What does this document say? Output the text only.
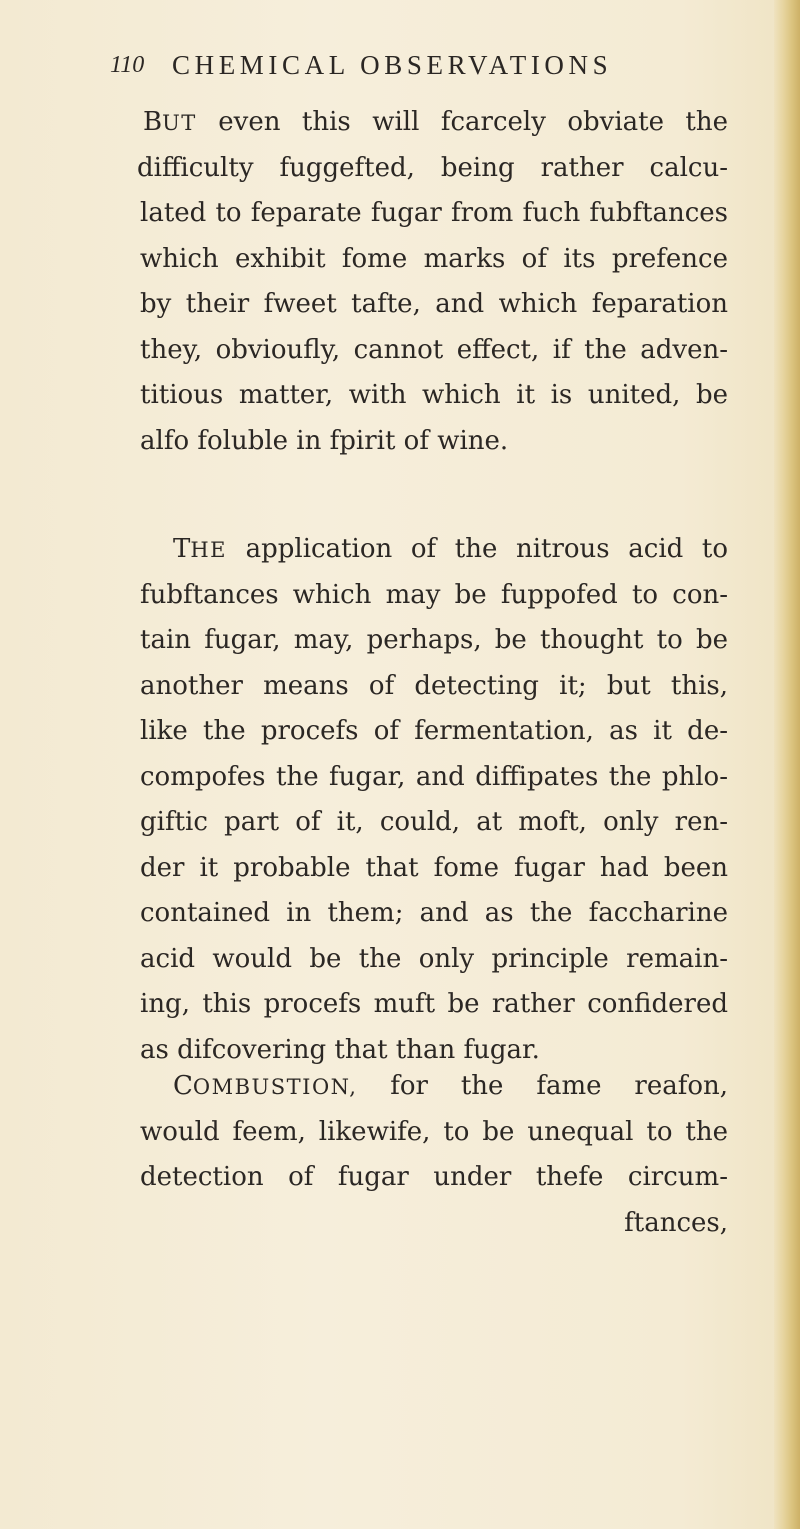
110 CHEMICAL OBSERVATIONS
BUT even this will fcarcely obviate the
difficulty fuggefted, being rather calcu-
lated to feparate fugar from fuch fubftances
which exhibit fome marks of its prefence
by their fweet tafte, and which feparation
they, obvioufly, cannot effect, if the adven-
titious matter, with which it is united, be
alfo foluble in fpirit of wine.
THE application of the nitrous acid to
fubftances which may be fuppofed to con-
tain fugar, may, perhaps, be thought to be
another means of detecting it; but this,
like the procefs of fermentation, as it de-
compofes the fugar, and diffipates the phlo-
giftic part of it, could, at moft, only ren-
der it probable that fome fugar had been
contained in them; and as the faccharine
acid would be the only principle remain-
ing, this procefs muft be rather confidered
as difcovering that than fugar.
COMBUSTION, for the fame reafon,
would feem, likewife, to be unequal to the
detection of fugar under thefe circum-
ftances,
